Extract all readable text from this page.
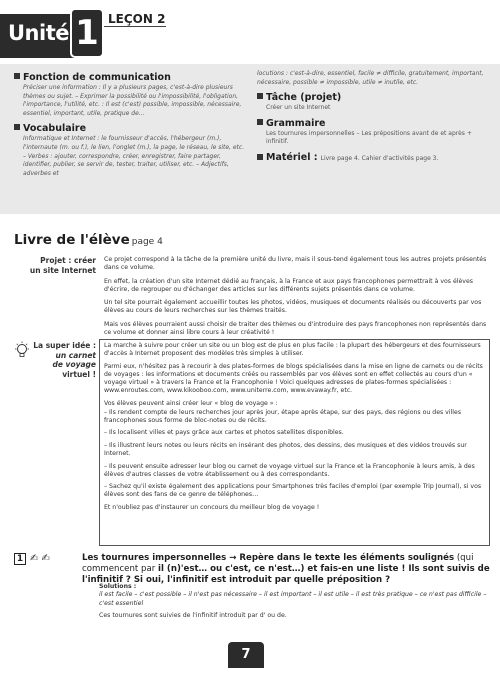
Unité 1 LEÇON 2
Fonction de communication
Préciser une information : Il y a plusieurs pages, c'est-à-dire plusieurs thèmes ou sujet. – Exprimer la possibilité ou l'impossibilité, l'obligation, l'importance, l'utilité, etc. : Il est (c'est) possible, impossible, nécessaire, essentiel, important, utile, pratique de…
Vocabulaire
Informatique et Internet : le fournisseur d'accès, l'hébergeur (m.), l'internaute (m. ou f.), le lien, l'onglet (m.), la page, le réseau, le site, etc. – Verbes : ajouter, correspondre, créer, enregistrer, faire partager, identifier, publier, se servir de, tester, traiter, utiliser, etc. – Adjectifs, adverbes et
locutions : c'est-à-dire, essentiel, facile ≠ difficile, gratuitement, important, nécessaire, possible ≠ impossible, utile ≠ inutile, etc.
Tâche (projet)
Créer un site Internet
Grammaire
Les tournures impersonnelles – Les prépositions avant de et après + infinitif.
Matériel : Livre page 4. Cahier d'activités page 3.
Livre de l'élève page 4
Projet : créer
un site Internet

Ce projet correspond à la tâche de la première unité du livre, mais il sous-tend également tous les autres projets présentés dans ce volume.

En effet, la création d'un site Internet dédié au français, à la France et aux pays francophones permettrait à vos élèves d'écrire, de regrouper ou d'échanger des articles sur les différents sujets présentés dans ce volume.

Un tel site pourrait également accueillir toutes les photos, vidéos, musiques et documents réalisés ou découverts par vos élèves au cours de leurs recherches sur les thèmes traités.

Mais vos élèves pourraient aussi choisir de traiter des thèmes ou d'introduire des pays francophones non représentés dans ce volume et donner ainsi libre cours à leur créativité !

La super idée :
un carnet
de voyage
virtuel !

La marche à suivre pour créer un site ou un blog est de plus en plus facile : la plupart des hébergeurs et des fournisseurs d'accès à Internet proposent des modèles très simples à utiliser.

Parmi eux, n'hésitez pas à recourir à des plates-formes de blogs spécialisées dans la mise en ligne de carnets ou de récits de voyages : les informations et documents créés ou rassemblés par vos élèves sont en effet collectés au cours d'un « voyage virtuel » à travers la France et la Francophonie ! Voici quelques adresses de plates-formes spécialisées : www.enroutes.com, www.kikooboo.com, www.uniterre.com, www.evaway.fr, etc.

Vos élèves peuvent ainsi créer leur « blog de voyage » :

– Ils rendent compte de leurs recherches jour après jour, étape après étape, sur des pays, des régions ou des villes francophones sous forme de bloc-notes ou de récits.

– Ils localisent villes et pays grâce aux cartes et photos satellites disponibles.

– Ils illustrent leurs notes ou leurs récits en insérant des photos, des dessins, des musiques et des vidéos trouvés sur Internet.

– Ils peuvent ensuite adresser leur blog ou carnet de voyage virtuel sur la France et la Francophonie à leurs amis, à des élèves d'autres classes de votre établissement ou à des correspondants.

– Sachez qu'il existe également des applications pour Smartphones très faciles d'emploi (par exemple Trip Journal), si vos élèves sont des fans de ce genre de téléphones…

Et n'oubliez pas d'instaurer un concours du meilleur blog de voyage !

1 ✍ ✍	Les tournures impersonnelles → Repère dans le texte les éléments soulignés (qui commencent par il (n)'est… ou c'est, ce n'est…) et fais-en une liste ! Ils sont suivis de l'infinitif ? Si oui, l'infinitif est introduit par quelle préposition ?
Solutions :

il est facile – c'est possible – il n'est pas nécessaire – il est important – il est utile – il est très pratique – ce n'est pas difficile – c'est essentiel

Ces tournures sont suivies de l'infinitif introduit par d' ou de.

7
